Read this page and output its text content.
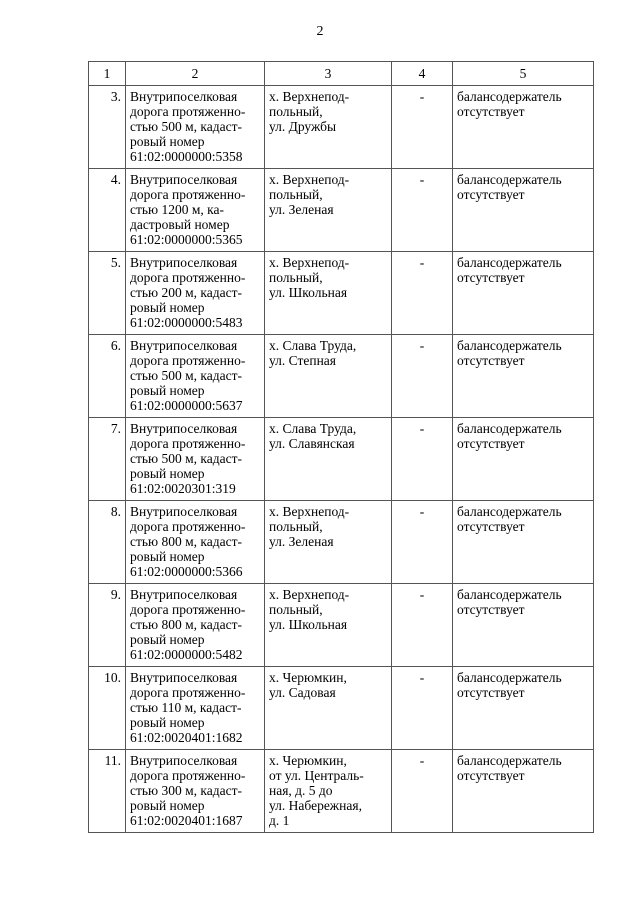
2
1	2	3	4	5
3.	Внутрипоселковая
дорога протяженно-
стью 500 м, кадаст-
ровый номер
61:02:0000000:5358	х. Верхнепод-
польный,
ул. Дружбы	-	балансодержатель
отсутствует
4.	Внутрипоселковая
дорога протяженно-
стью 1200 м, ка-
дастровый номер
61:02:0000000:5365	х. Верхнепод-
польный,
ул. Зеленая	-	балансодержатель
отсутствует
5.	Внутрипоселковая
дорога протяженно-
стью 200 м, кадаст-
ровый номер
61:02:0000000:5483	х. Верхнепод-
польный,
ул. Школьная	-	балансодержатель
отсутствует
6.	Внутрипоселковая
дорога протяженно-
стью 500 м, кадаст-
ровый номер
61:02:0000000:5637	х. Слава Труда,
ул. Степная	-	балансодержатель
отсутствует
7.	Внутрипоселковая
дорога протяженно-
стью 500 м, кадаст-
ровый номер
61:02:0020301:319	х. Слава Труда,
ул. Славянская	-	балансодержатель
отсутствует
8.	Внутрипоселковая
дорога протяженно-
стью 800 м, кадаст-
ровый номер
61:02:0000000:5366	х. Верхнепод-
польный,
ул. Зеленая	-	балансодержатель
отсутствует
9.	Внутрипоселковая
дорога протяженно-
стью 800 м, кадаст-
ровый номер
61:02:0000000:5482	х. Верхнепод-
польный,
ул. Школьная	-	балансодержатель
отсутствует
10.	Внутрипоселковая
дорога протяженно-
стью 110 м, кадаст-
ровый номер
61:02:0020401:1682	х. Черюмкин,
ул. Садовая	-	балансодержатель
отсутствует
11.	Внутрипоселковая
дорога протяженно-
стью 300 м, кадаст-
ровый номер
61:02:0020401:1687	х. Черюмкин,
от ул. Централь-
ная, д. 5 до
ул. Набережная,
д. 1	-	балансодержатель
отсутствует
